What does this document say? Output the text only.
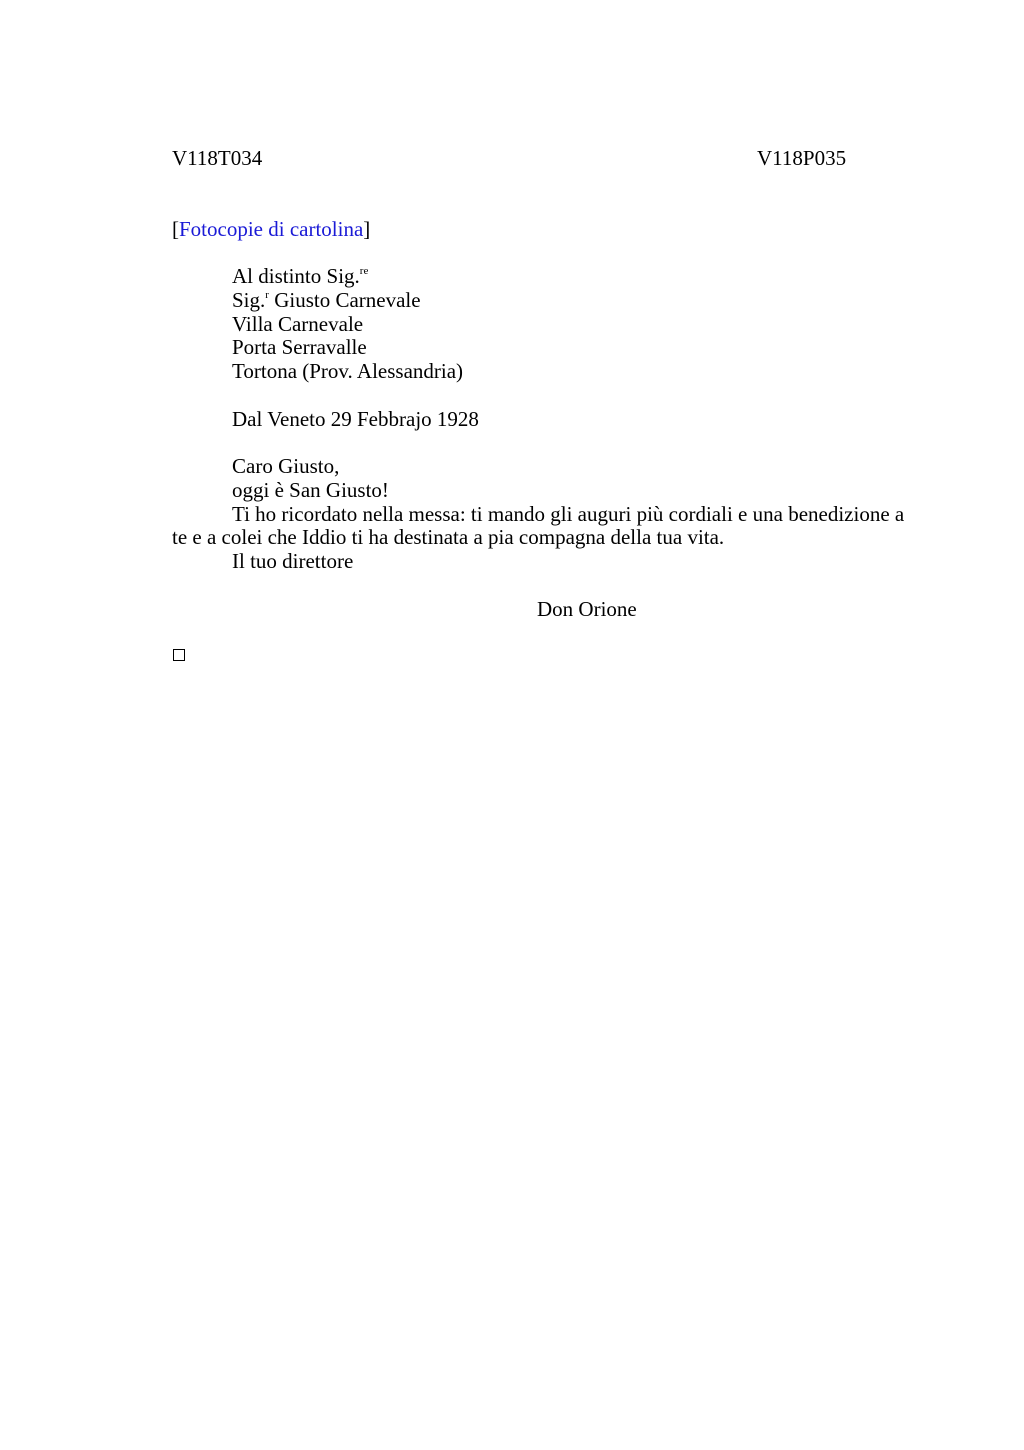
V118T034	V118P035
[Fotocopie di cartolina]
Al distinto Sig.$^{re}$
Sig.$^r$ Giusto Carnevale
Villa Carnevale
Porta Serravalle
Tortona (Prov. Alessandria)
Dal Veneto 29 Febbrajo 1928
Caro Giusto,
oggi è San Giusto!
Ti ho ricordato nella messa: ti mando gli auguri più cordiali e una benedizione a te e a colei che Iddio ti ha destinata a pia compagna della tua vita.
Il tuo direttore
Don Orione
